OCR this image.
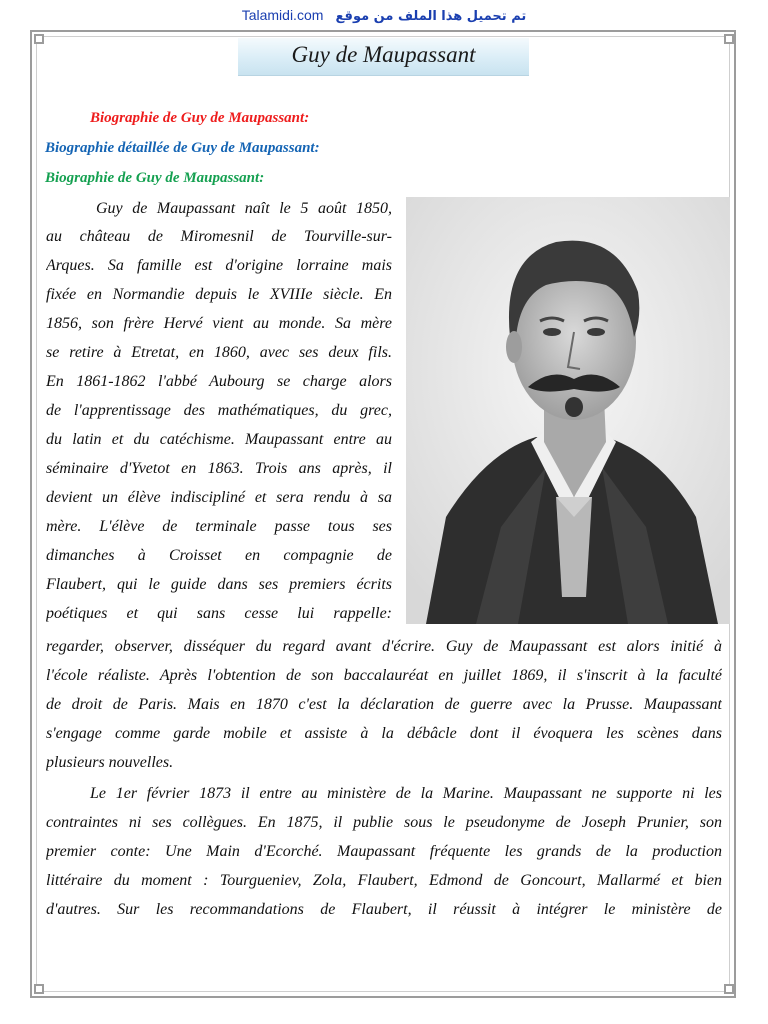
Talamidi.com تم تحميل هذا الملف من موقع
Guy de Maupassant
Biographie de Guy de Maupassant:
Biographie détaillée de Guy de Maupassant:
Biographie de Guy de Maupassant:
Guy de Maupassant naît le 5 août 1850,
au château de Miromesnil de Tourville-sur-
Arques. Sa famille est d'origine lorraine mais
fixée en Normandie depuis le XVIIIe siècle. En
1856, son frère Hervé vient au monde. Sa mère
se retire à Etretat, en 1860, avec ses deux fils.
En 1861-1862 l'abbé Aubourg se charge alors
de l'apprentissage des mathématiques, du grec,
du latin et du catéchisme. Maupassant entre au
séminaire d'Yvetot en 1863. Trois ans après, il
devient un élève indiscipliné et sera rendu à sa
mère. L'élève de terminale passe tous ses
dimanches à Croisset en compagnie de
Flaubert, qui le guide dans ses premiers écrits
poétiques et qui sans cesse lui rappelle:
regarder, observer, disséquer du regard avant d'écrire. Guy de Maupassant est alors initié à
l'école réaliste. Après l'obtention de son baccalauréat en juillet 1869, il s'inscrit à la faculté
de droit de Paris. Mais en 1870 c'est la déclaration de guerre avec la Prusse. Maupassant
s'engage comme garde mobile et assiste à la débâcle dont il évoquera les scènes dans
plusieurs nouvelles.
Le 1er février 1873 il entre au ministère de la Marine. Maupassant ne supporte ni les
contraintes ni ses collègues. En 1875, il publie sous le pseudonyme de Joseph Prunier, son
premier conte: Une Main d'Ecorché. Maupassant fréquente les grands de la production
littéraire du moment : Tourgueniev, Zola, Flaubert, Edmond de Goncourt, Mallarmé et bien
d'autres. Sur les recommandations de Flaubert, il réussit à intégrer le ministère de
